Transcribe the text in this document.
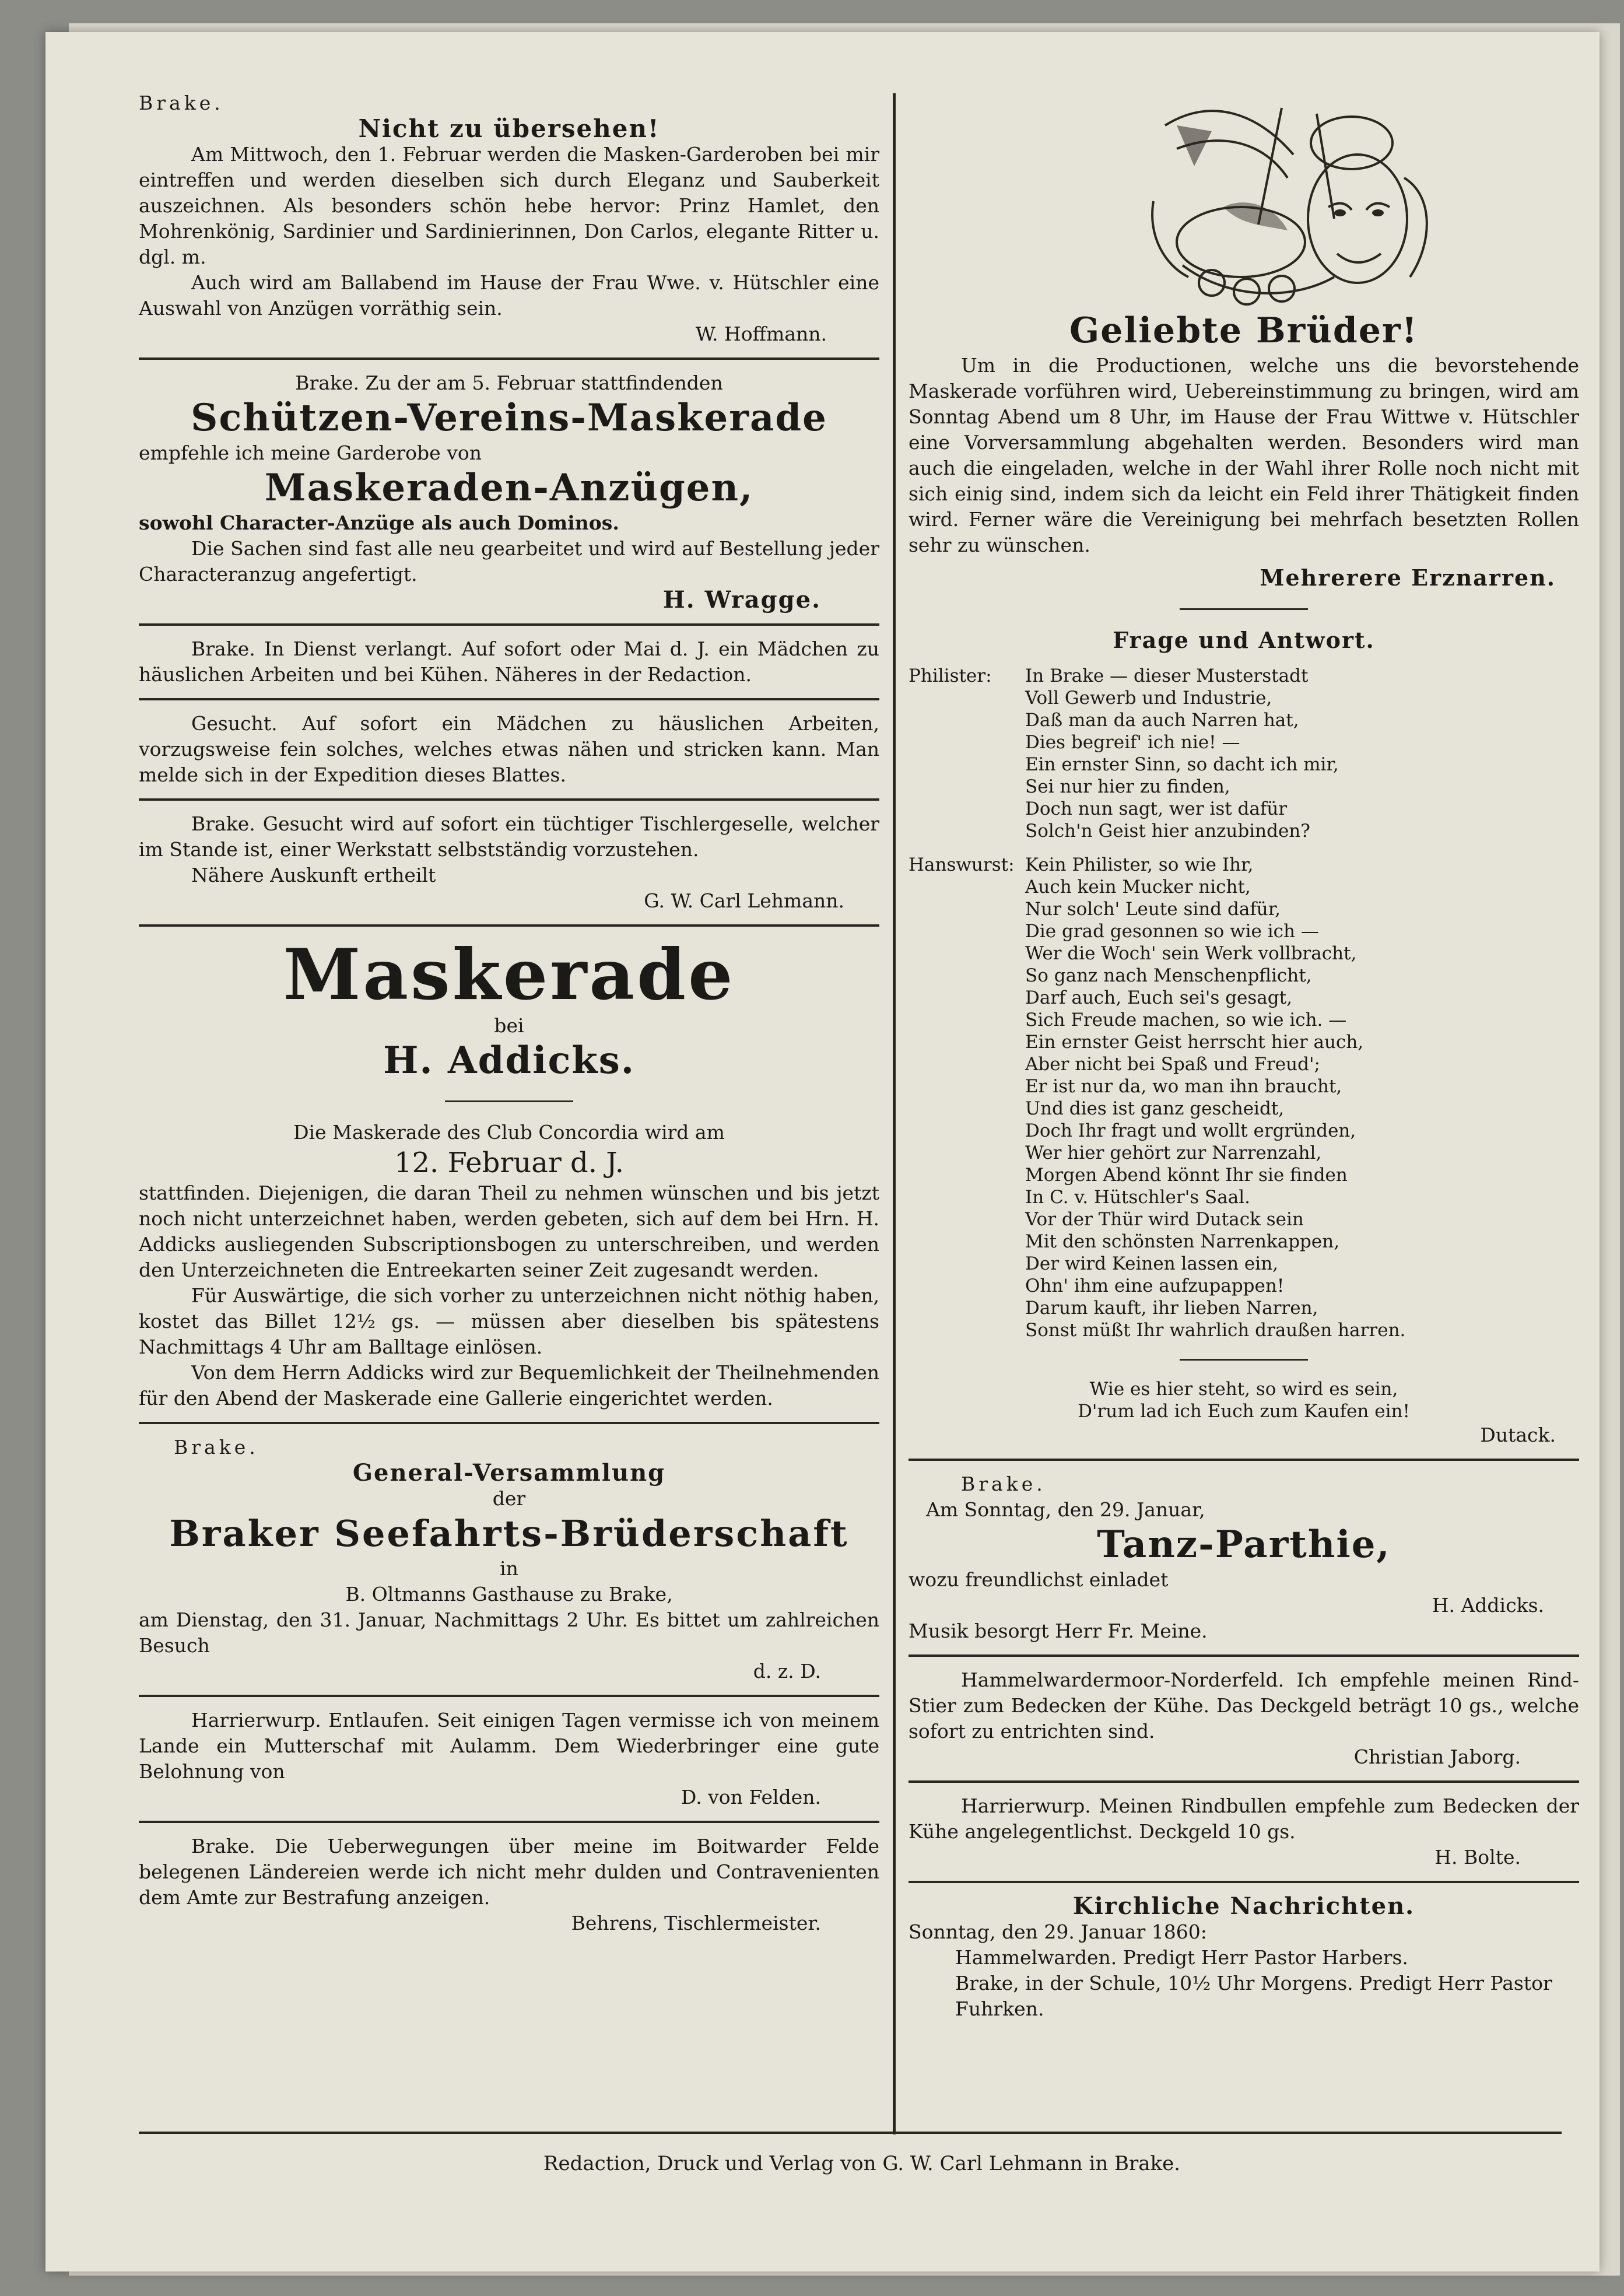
Brake.
Nicht zu übersehen!

Am Mittwoch, den 1. Februar werden die Masken-Garderoben bei mir eintreffen und werden dieselben sich durch Eleganz und Sauberkeit auszeichnen. Als besonders schön hebe hervor: Prinz Hamlet, den Mohrenkönig, Sardinier und Sardinierinnen, Don Carlos, elegante Ritter u. dgl. m.

Auch wird am Ballabend im Hause der Frau Wwe. v. Hütschler eine Auswahl von Anzügen vorräthig sein.

W. Hoffmann.
Brake. Zu der am 5. Februar stattfindenden
Schützen-Vereins-Maskerade
empfehle ich meine Garderobe von
Maskeraden-Anzügen,
sowohl Character-Anzüge als auch Dominos.

Die Sachen sind fast alle neu gearbeitet und wird auf Bestellung jeder Characteranzug angefertigt.

H. Wragge.

Brake. In Dienst verlangt. Auf sofort oder Mai d. J. ein Mädchen zu häuslichen Arbeiten und bei Kühen. Näheres in der Redaction.

Gesucht. Auf sofort ein Mädchen zu häuslichen Arbeiten, vorzugsweise fein solches, welches etwas nähen und stricken kann. Man melde sich in der Expedition dieses Blattes.

Brake. Gesucht wird auf sofort ein tüchtiger Tischlergeselle, welcher im Stande ist, einer Werkstatt selbstständig vorzustehen.

Nähere Auskunft ertheilt
G. W. Carl Lehmann.
Maskerade
bei
H. Addicks.
Die Maskerade des Club Concordia wird am
12. Februar d. J.

stattfinden. Diejenigen, die daran Theil zu nehmen wünschen und bis jetzt noch nicht unterzeichnet haben, werden gebeten, sich auf dem bei Hrn. H. Addicks ausliegenden Subscriptionsbogen zu unterschreiben, und werden den Unterzeichneten die Entreekarten seiner Zeit zugesandt werden.

Für Auswärtige, die sich vorher zu unterzeichnen nicht nöthig haben, kostet das Billet 12½ gs. — müssen aber dieselben bis spätestens Nachmittags 4 Uhr am Balltage einlösen.

Von dem Herrn Addicks wird zur Bequemlichkeit der Theilnehmenden für den Abend der Maskerade eine Gallerie eingerichtet werden.

Brake.
General-Versammlung
der
Braker Seefahrts-Brüderschaft
in
B. Oltmanns Gasthause zu Brake,

am Dienstag, den 31. Januar, Nachmittags 2 Uhr. Es bittet um zahlreichen Besuch

d. z. D.

Harrierwurp. Entlaufen. Seit einigen Tagen vermisse ich von meinem Lande ein Mutterschaf mit Aulamm. Dem Wiederbringer eine gute Belohnung von

D. von Felden.

Brake. Die Ueberwegungen über meine im Boitwarder Felde belegenen Ländereien werde ich nicht mehr dulden und Contravenienten dem Amte zur Bestrafung anzeigen.

Behrens, Tischlermeister.
Geliebte Brüder!

Um in die Productionen, welche uns die bevorstehende Maskerade vorführen wird, Uebereinstimmung zu bringen, wird am Sonntag Abend um 8 Uhr, im Hause der Frau Wittwe v. Hütschler eine Vorversammlung abgehalten werden. Besonders wird man auch die eingeladen, welche in der Wahl ihrer Rolle noch nicht mit sich einig sind, indem sich da leicht ein Feld ihrer Thätigkeit finden wird. Ferner wäre die Vereinigung bei mehrfach besetzten Rollen sehr zu wünschen.

Mehrerere Erznarren.
Frage und Antwort.
Philister: In Brake — dieser Musterstadt
Voll Gewerb und Industrie,
Daß man da auch Narren hat,
Dies begreif' ich nie! —
Ein ernster Sinn, so dacht ich mir,
Sei nur hier zu finden,
Doch nun sagt, wer ist dafür
Solch'n Geist hier anzubinden?
Hanswurst: Kein Philister, so wie Ihr,
Auch kein Mucker nicht,
Nur solch' Leute sind dafür,
Die grad gesonnen so wie ich —
Wer die Woch' sein Werk vollbracht,
So ganz nach Menschenpflicht,
Darf auch, Euch sei's gesagt,
Sich Freude machen, so wie ich. —
Ein ernster Geist herrscht hier auch,
Aber nicht bei Spaß und Freud';
Er ist nur da, wo man ihn braucht,
Und dies ist ganz gescheidt,
Doch Ihr fragt und wollt ergründen,
Wer hier gehört zur Narrenzahl,
Morgen Abend könnt Ihr sie finden
In C. v. Hütschler's Saal.
Vor der Thür wird Dutack sein
Mit den schönsten Narrenkappen,
Der wird Keinen lassen ein,
Ohn' ihm eine aufzupappen!
Darum kauft, ihr lieben Narren,
Sonst müßt Ihr wahrlich draußen harren.
Wie es hier steht, so wird es sein,
D'rum lad ich Euch zum Kaufen ein!
Dutack.
Brake.
Am Sonntag, den 29. Januar,
Tanz-Parthie,
wozu freundlichst einladet
H. Addicks.
Musik besorgt Herr Fr. Meine.

Hammelwardermoor-Norderfeld. Ich empfehle meinen Rind-Stier zum Bedecken der Kühe. Das Deckgeld beträgt 10 gs., welche sofort zu entrichten sind.

Christian Jaborg.

Harrierwurp. Meinen Rindbullen empfehle zum Bedecken der Kühe angelegentlichst. Deckgeld 10 gs.

H. Bolte.
Kirchliche Nachrichten.
Sonntag, den 29. Januar 1860:
Hammelwarden. Predigt Herr Pastor Harbers.
Brake, in der Schule, 10½ Uhr Morgens. Predigt Herr Pastor Fuhrken.
Redaction, Druck und Verlag von G. W. Carl Lehmann in Brake.
